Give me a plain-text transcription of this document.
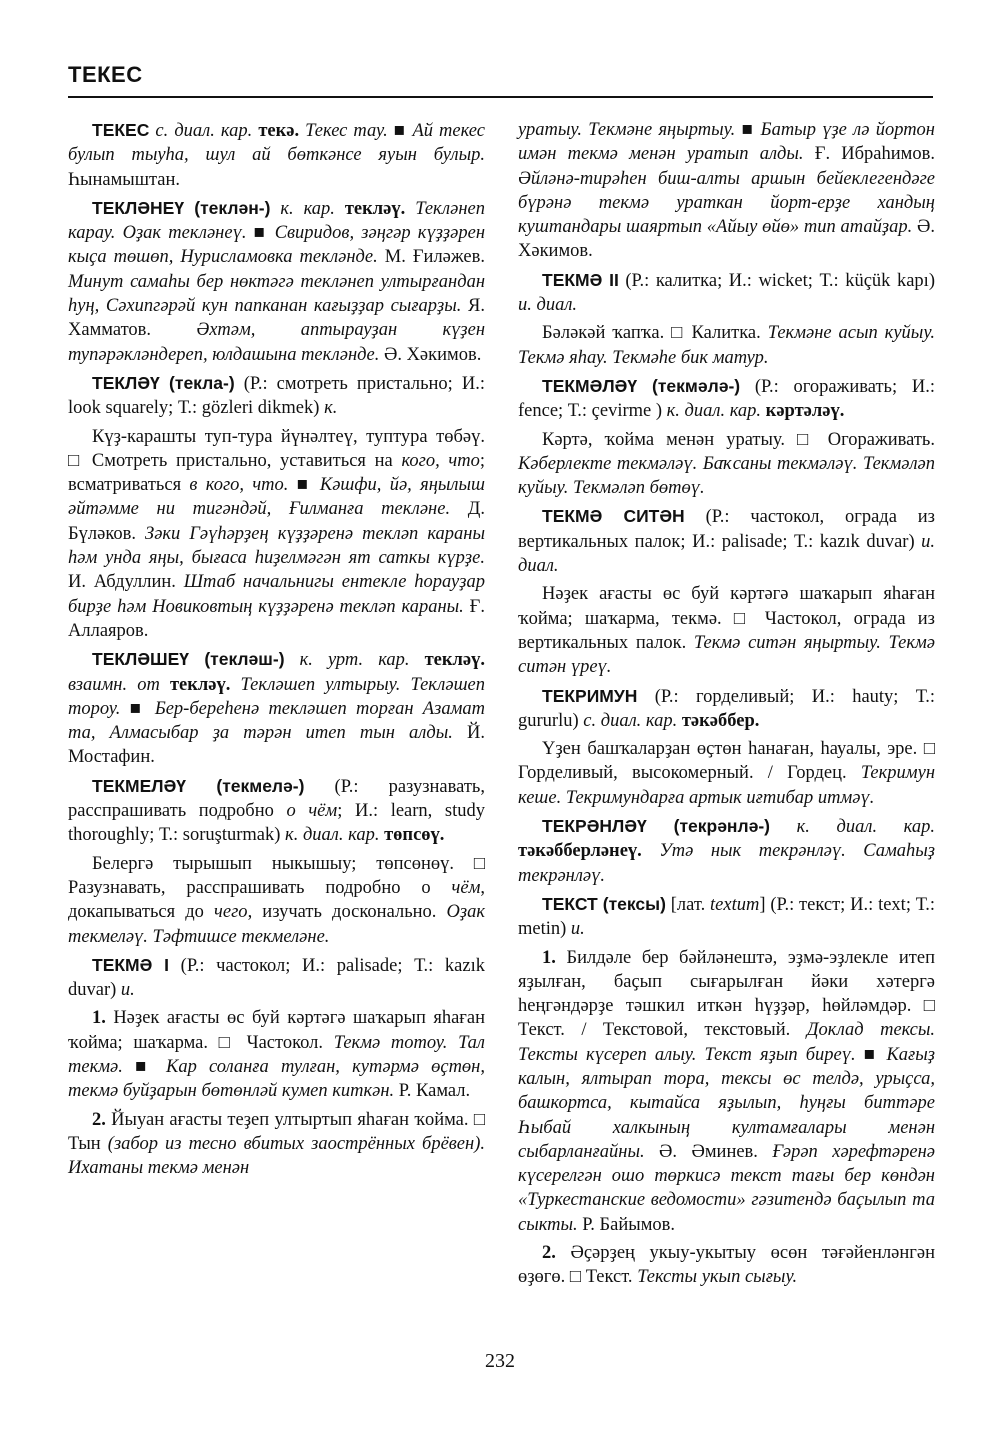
ТЕКЕС

ТЕКЕС с. диал. кар. текә. Текес тау. ■ Ай текес булып тыуһа, шул ай бөткәнсе яуын булыр. Һынамыштан.

ТЕКЛӘНЕҮ (теклән-) к. кар. текләү. Текләнеп карау. Оҙак текләнеү. ■ Свиридов, зәңгәр күҙҙәрен кыҫа төшөп, Нурисламовка текләндe. М. Ғиләжев. Минут самаһы бер нөктәгә текләнеп ултырғандан һуң, Сәхипгәрәй кун папканан кағыҙҙар сығарҙы. Я. Хамматов. Әхтәм, аптырауҙан күҙен тупәрәкләндереп, юлдашына текләндe. Ә. Хәкимов.

ТЕКЛӘҮ (текла-) (Р.: смотреть пристально; И.: look squarely; Т.: gözleri dikmek) к.

Күҙ-карашты туп-тура йүнәлтеү, туптура төбәү. □ Смотреть пристально, уставиться на кого, что; всматриваться в кого, что. ■ Кәшфи, йә, яңылыш әйтәмме ни тигәндәй, Ғилманға текләне. Д. Бүләков. Зәки Гәүһәрҙең күҙҙәренә текләп караны һәм унда яңы, бығаса һиҙелмәгән ят саткы күрҙе. И. Абдуллин. Штаб начальнигы ентекле һорауҙар бирҙе һәм Новиковтың күҙҙәренә текләп караны. Ғ. Аллаяров.

ТЕКЛӘШЕҮ (текләш-) к. урт. кар. текләү. взаимн. от текләү. Текләшеп ултырыу. Текләшеп тороу. ■ Бер-береһенә текләшеп торған Азамат та, Алмасыбар ҙа тәрән итеп тын алды. Й. Мостафин.

ТЕКМЕЛӘҮ (текмелә-) (Р.: разузнавать, расспрашивать подробно о чём; И.: learn, study thoroughly; Т.: soruşturmak) к. диал. кар. төпсөү.

Белергә тырышып ныкышыу; төпсөнөү. □ Разузнавать, расспрашивать подробно о чём, докапываться до чего, изучать досконально. Оҙак текмеләү. Тәфтишсе текмеләне.

ТЕКМӘ I (Р.: частокол; И.: palisade; Т.: kazık duvar) и.

1. Нәҙек ағасты өс буй кәртәгә шаҡарып яһаған ҡойма; шаҡарма. □ Частокол. Текмә тотоу. Тал текмә. ■ Кар соланға тулған, кутәрмә өҫтөн, текмә буйҙарын бөтөнләй кумеп киткән. Р. Камал.

2. Йыуан ағасты теҙеп ултыртып яһаған ҡойма. □ Тын (забор из тесно вбитых заострённых брёвен). Ихатаны текмә менән

уратыу. Текмәне яңыртыу. ■ Батыр үҙе лә йортон имән текмә менән уратып алды. Ғ. Ибраһимов. Әйләнә-тирәһен биш-алты аршын бейеклегендәге бүрәнә текмә ураткан йорт-ерҙе хандың куштандары шаяртып «Айыу өйө» тип атайҙар. Ә. Хәкимов.

ТЕКМӘ II (Р.: калитка; И.: wicket; Т.: küçük kapı) и. диал.

Бәләкәй ҡапҡа. □ Калитка. Текмәне асып куйыу. Текмә яһау. Текмәһе бик матур.

ТЕКМӘЛӘҮ (текмәлә-) (Р.: огораживать; И.: fence; Т.: çevirme ) к. диал. кар. кәртәләү.

Кәртә, ҡойма менән уратыу. □ Огораживать. Кәберлекте текмәләү. Баҡсаны текмәләү. Текмәләп куйыу. Текмәләп бөтөү.

ТЕКМӘ СИТӘН (Р.: частокол, ограда из вертикальных палок; И.: palisade; Т.: kazık duvar) и. диал.

Нәҙек ағасты өс буй кәртәгә шаҡарып яһаған ҡойма; шаҡарма, текмә. □ Частокол, ограда из вертикальных палок. Текмә ситән яңыртыу. Текмә ситән үреү.

ТЕКРИМУН (Р.: горделивый; И.: hauty; Т.: gururlu) с. диал. кар. тәкәббер.

Үҙен башҡаларҙан өҫтөн һанаған, һауалы, эре. □ Горделивый, высокомерный. / Гордец. Текримун кеше. Текримундарға артык иғтибар итмәү.

ТЕКРӘНЛӘҮ (текрәнлә-) к. диал. кар. тәкәбберләнеү. Утә нык текрәнләү. Самаһыҙ текрәнләү.

ТЕКСТ (тексы) [лат. textum] (Р.: текст; И.: text; Т.: metin) и.

1. Билдәле бер бәйләнештә, эҙмә-эҙлекле итеп яҙылған, баҫып сығарылған йәки хәтергә һеңгәндәрҙе тәшкил иткән һүҙҙәр, һөйләмдәр. □ Текст. / Текстовой, текстовый. Доклад тексы. Тексты күсереп алыу. Текст яҙып биреү. ■ Кағыҙ калын, ялтырап тора, тексы өс телдә, урыҫса, башкортса, кытайса яҙылып, һуңғы биттәрe Һыбай халкының култамғалары менән сыбарланғайны. Ә. Әминев. Ғәрәп хәрефтәренә күсерелгән ошо төркисә текст тағы бер көндән «Туркестанские ведомости» гәзитендә баҫылып та сыкты. Р. Байымов.

2. Әҫәрҙең укыу-укытыу өсөн тәғәйенләнгән өҙөгө. □ Текст. Тексты укып сығыу.

232
